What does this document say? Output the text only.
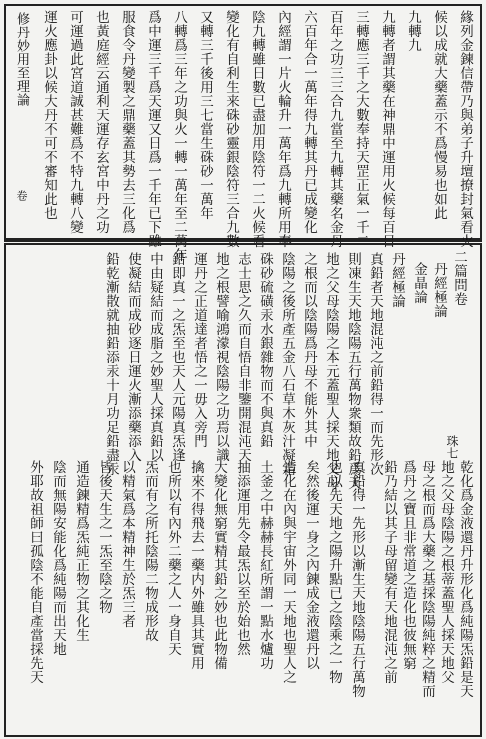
緣列金鍊信帶乃與弟子升壇撩封氣看火
候以成就大藥蓋示不爲慢易也如此
九轉九
九轉者謂其藥在神鼎中運用火候每百日
三轉應三千之大數奉持天罡正氣一千二
百年之功三三合九當至九轉其藥名金丹
六百年合一萬年得九轉其丹已成變化
內經謂一片火輪升一萬年爲九轉所用奉
陰九轉雖日數已盡加用陰符一二火候看
變化有自利生来硃砂靈銀陰符三合九數
又轉三千後用三七當生硃砂一萬年
八轉爲三年之功與火一轉一萬年至二萬年
爲中運三千爲天運又日爲一千年已下雖
服食令丹變製之鼎藥蓋其勢去三化爲
也黃庭經云通利天運存玄宮中丹之功
可運過此宮道誠甚難爲不特九轉八變
運火應卦以候大丹不可不審知此也
修丹妙用至理論
卷
二篇問卷
丹經極論
金晶論
珠七
丹經極論
真鉛者天地混沌之前鉛得一而先形次
則凍生天地陰陽五行萬物衆類故鉛爲天
地之父母陰陽之本元蓋聖人採天地父母
之根而以陰陽爲丹母不能外其中
陰陽之後所產五金八石草木灰汁凝霜
硃砂硫磺汞水銀雜物而不與真鉛
志士思之久而自悟自非鑒開混沌天
地之根譬喻鴻濛視陰陽之功焉以識
運丹之正道達者悟之一毋入旁門
鉛即真一之炁至也天人元陽真炁逢
中由疑結而成脂之妙聖人採真鉛以
使凝結而成砂逐日運火漸添藥添入
鉛乾漸散就抽鉛添汞十月功足鉛盡汞
真鉛得一先形以漸生天地陰陽五行萬物
也以先天地之陽升點已之陰乘之一物
矣然後運一身之內鍊成金液還丹以
造化在內與宇宙外同一天地也聖人之
土釜之中赫赫長紅所謂一點水爐功
抽添運用先令最炁以至於始也然
大變化無窮實精其鉛之妙也此物備
擒來不得飛去一藥内外雖具其實用
也所以有內外二藥之人一身自天
炁而有之所托陰陽二物成形故
以精氣爲本精神生於炁三者
皆後天生之一炁至陰之物
通造鍊精爲炁純正物之其化生
陰而無陽安能化爲純陽而出天地
外耶故祖師曰孤陰不能自產當採先天	乾化爲金液還丹升形化爲純陽炁鉛是天
地之父母陰陽之根蒂蓋聖人採天地父
母之根而爲大藥之基採陰陽純粹之精而
爲丹之寶且非常道之造化也彼無窮
鉛乃結以其子母留變有天地混沌之前
